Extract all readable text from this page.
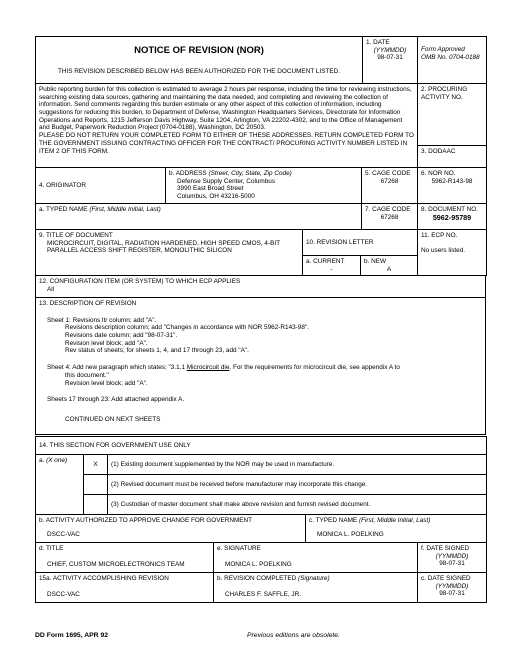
NOTICE OF REVISION (NOR)
THIS REVISION DESCRIBED BELOW HAS BEEN AUTHORIZED FOR THE DOCUMENT LISTED.

1. DATE
(YYMMDD)
98-07-31

Form Approved
OMB No. 0704-0188
Public reporting burden for this collection is estimated to average 2 hours per response, including the time for reviewing instructions, searching existing data sources, gathering and maintaining the data needed, and completing and reviewing the collection of information. Send comments regarding this burden estimate or any other aspect of this collection of information, including suggestions for reducing this burden, to Department of Defense, Washington Headquarters Services, Directorate for Information Operations and Reports, 1215 Jefferson Davis Highway, Suite 1204, Arlington, VA 22202-4302, and to the Office of Management and Budget, Paperwork Reduction Project (0704-0188), Washington, DC 20503.
PLEASE DO NOT RETURN YOUR COMPLETED FORM TO EITHER OF THESE ADDRESSES. RETURN COMPLETED FORM TO THE GOVERNMENT ISSUING CONTRACTING OFFICER FOR THE CONTRACT/ PROCURING ACTIVITY NUMBER LISTED IN ITEM 2 OF THIS FORM.
	2. PROCURING ACTIVITY NO.
3. DODAAC
4. ORIGINATOR	b. ADDRESS (Street, City, State, Zip Code)
Defense Supply Center, Columbus
3990 East Broad Street
Columbus, OH 43216-5000	5. CAGE CODE
67268	6. NOR NO.
5962-R143-98

a. TYPED NAME (First, Middle Initial, Last)		7. CAGE CODE
67268	8. DOCUMENT NO.
5962-95789
9. TITLE OF DOCUMENT
MICROCIRCUIT, DIGITAL, RADIATION HARDENED, HIGH SPEED CMOS, 4-BIT PARALLEL ACCESS SHIFT REGISTER, MONOLITHIC SILICON	10. REVISION LETTER		11. ECP NO.
No users listed.

	a. CURRENT
-	b. NEW
A	
12. CONFIGURATION ITEM (OR SYSTEM) TO WHICH ECP APPLIES
All

13. DESCRIPTION OF REVISION
Sheet 1: Revisions ltr column; add "A".
Revisions description column; add "Changes in accordance with NOR 5962-R143-98".
Revisions date column; add "98-07-31".
Revision level block; add "A".
Rev status of sheets; for sheets 1, 4, and 17 through 23, add "A".
Sheet 4: Add new paragraph which states; "3.1.1 Microcircuit die. For the requirements for microcircuit die, see appendix A to
this document."
Revision level block; add "A".
Sheets 17 through 23: Add attached appendix A.
CONTINUED ON NEXT SHEETS
14. THIS SECTION FOR GOVERNMENT USE ONLY		
a. (X one)	X	(1) Existing document supplemented by the NOR may be used in manufacture.
		(2) Revised document must be received before manufacturer may incorporate this change.
		(3) Custodian of master document shall make above revision and furnish revised document.
b. ACTIVITY AUTHORIZED TO APPROVE CHANGE FOR GOVERNMENT
DSCC-VAC

c. TYPED NAME (First, Middle Initial, Last)
MONICA L. POELKING
d. TITLE
CHIEF, CUSTOM MICROELECTRONICS TEAM	e. SIGNATURE
MONICA L. POELKING	f. DATE SIGNED
(YYMMDD)
98-07-31

15a. ACTIVITY ACCOMPLISHING REVISION
DSCC-VAC	b. REVISION COMPLETED (Signature)
CHARLES F. SAFFLE, JR.	c. DATE SIGNED
(YYMMDD)
98-07-31
DD Form 1695, APR 92	Previous editions are obsolete.
